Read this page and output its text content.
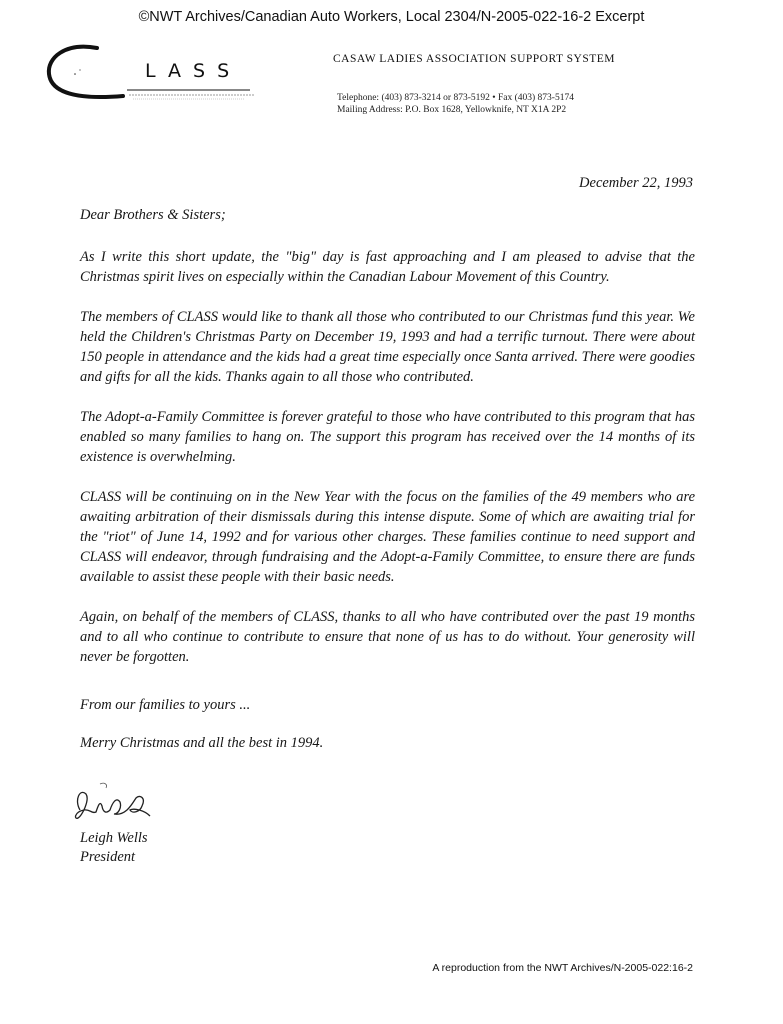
©NWT Archives/Canadian Auto Workers, Local 2304/N-2005-022-16-2 Excerpt
LASS
CASAW LADIES ASSOCIATION SUPPORT SYSTEM
Telephone: (403) 873-3214 or 873-5192 • Fax (403) 873-5174
Mailing Address: P.O. Box 1628, Yellowknife, NT X1A 2P2
December 22, 1993
Dear Brothers & Sisters;

As I write this short update, the "big" day is fast approaching and I am pleased to advise that the Christmas spirit lives on especially within the Canadian Labour Movement of this Country.

The members of CLASS would like to thank all those who contributed to our Christmas fund this year. We held the Children's Christmas Party on December 19, 1993 and had a terrific turnout. There were about 150 people in attendance and the kids had a great time especially once Santa arrived. There were goodies and gifts for all the kids. Thanks again to all those who contributed.

The Adopt-a-Family Committee is forever grateful to those who have contributed to this program that has enabled so many families to hang on. The support this program has received over the 14 months of its existence is overwhelming.

CLASS will be continuing on in the New Year with the focus on the families of the 49 members who are awaiting arbitration of their dismissals during this intense dispute. Some of which are awaiting trial for the "riot" of June 14, 1992 and for various other charges. These families continue to need support and CLASS will endeavor, through fundraising and the Adopt-a-Family Committee, to ensure there are funds available to assist these people with their basic needs.

Again, on behalf of the members of CLASS, thanks to all who have contributed over the past 19 months and to all who continue to contribute to ensure that none of us has to do without. Your generosity will never be forgotten.

From our families to yours ...
Merry Christmas and all the best in 1994.
Leigh Wells
President
A reproduction from the NWT Archives/N-2005-022:16-2
